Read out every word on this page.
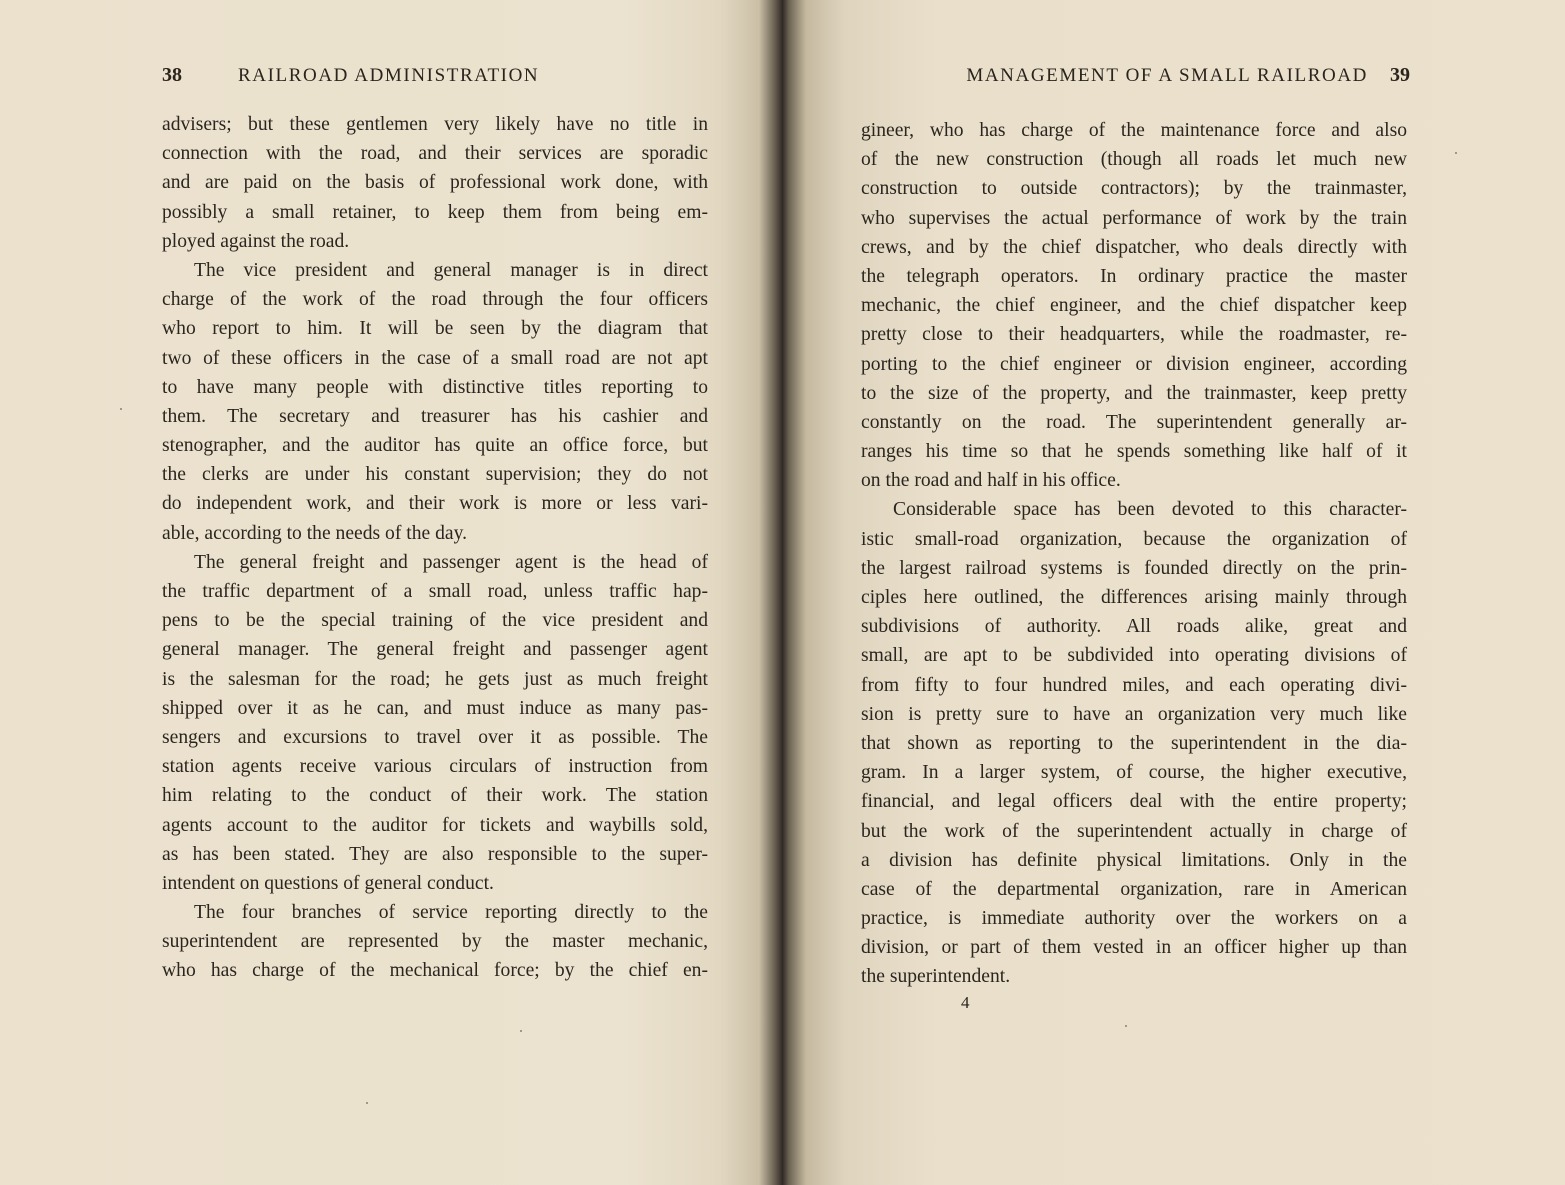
38	RAILROAD ADMINISTRATION
advisers; but these gentlemen very likely have no title in
connection with the road, and their services are sporadic
and are paid on the basis of professional work done, with
possibly a small retainer, to keep them from being em-
ployed against the road.
The vice president and general manager is in direct
charge of the work of the road through the four officers
who report to him. It will be seen by the diagram that
two of these officers in the case of a small road are not apt
to have many people with distinctive titles reporting to
them. The secretary and treasurer has his cashier and
stenographer, and the auditor has quite an office force, but
the clerks are under his constant supervision; they do not
do independent work, and their work is more or less vari-
able, according to the needs of the day.
The general freight and passenger agent is the head of
the traffic department of a small road, unless traffic hap-
pens to be the special training of the vice president and
general manager. The general freight and passenger agent
is the salesman for the road; he gets just as much freight
shipped over it as he can, and must induce as many pas-
sengers and excursions to travel over it as possible. The
station agents receive various circulars of instruction from
him relating to the conduct of their work. The station
agents account to the auditor for tickets and waybills sold,
as has been stated. They are also responsible to the super-
intendent on questions of general conduct.
The four branches of service reporting directly to the
superintendent are represented by the master mechanic,
who has charge of the mechanical force; by the chief en-
MANAGEMENT OF A SMALL RAILROAD 39
gineer, who has charge of the maintenance force and also
of the new construction (though all roads let much new
construction to outside contractors); by the trainmaster,
who supervises the actual performance of work by the train
crews, and by the chief dispatcher, who deals directly with
the telegraph operators. In ordinary practice the master
mechanic, the chief engineer, and the chief dispatcher keep
pretty close to their headquarters, while the roadmaster, re-
porting to the chief engineer or division engineer, according
to the size of the property, and the trainmaster, keep pretty
constantly on the road. The superintendent generally ar-
ranges his time so that he spends something like half of it
on the road and half in his office.
Considerable space has been devoted to this character-
istic small-road organization, because the organization of
the largest railroad systems is founded directly on the prin-
ciples here outlined, the differences arising mainly through
subdivisions of authority. All roads alike, great and
small, are apt to be subdivided into operating divisions of
from fifty to four hundred miles, and each operating divi-
sion is pretty sure to have an organization very much like
that shown as reporting to the superintendent in the dia-
gram. In a larger system, of course, the higher executive,
financial, and legal officers deal with the entire property;
but the work of the superintendent actually in charge of
a division has definite physical limitations. Only in the
case of the departmental organization, rare in American
practice, is immediate authority over the workers on a
division, or part of them vested in an officer higher up than
the superintendent.
4
